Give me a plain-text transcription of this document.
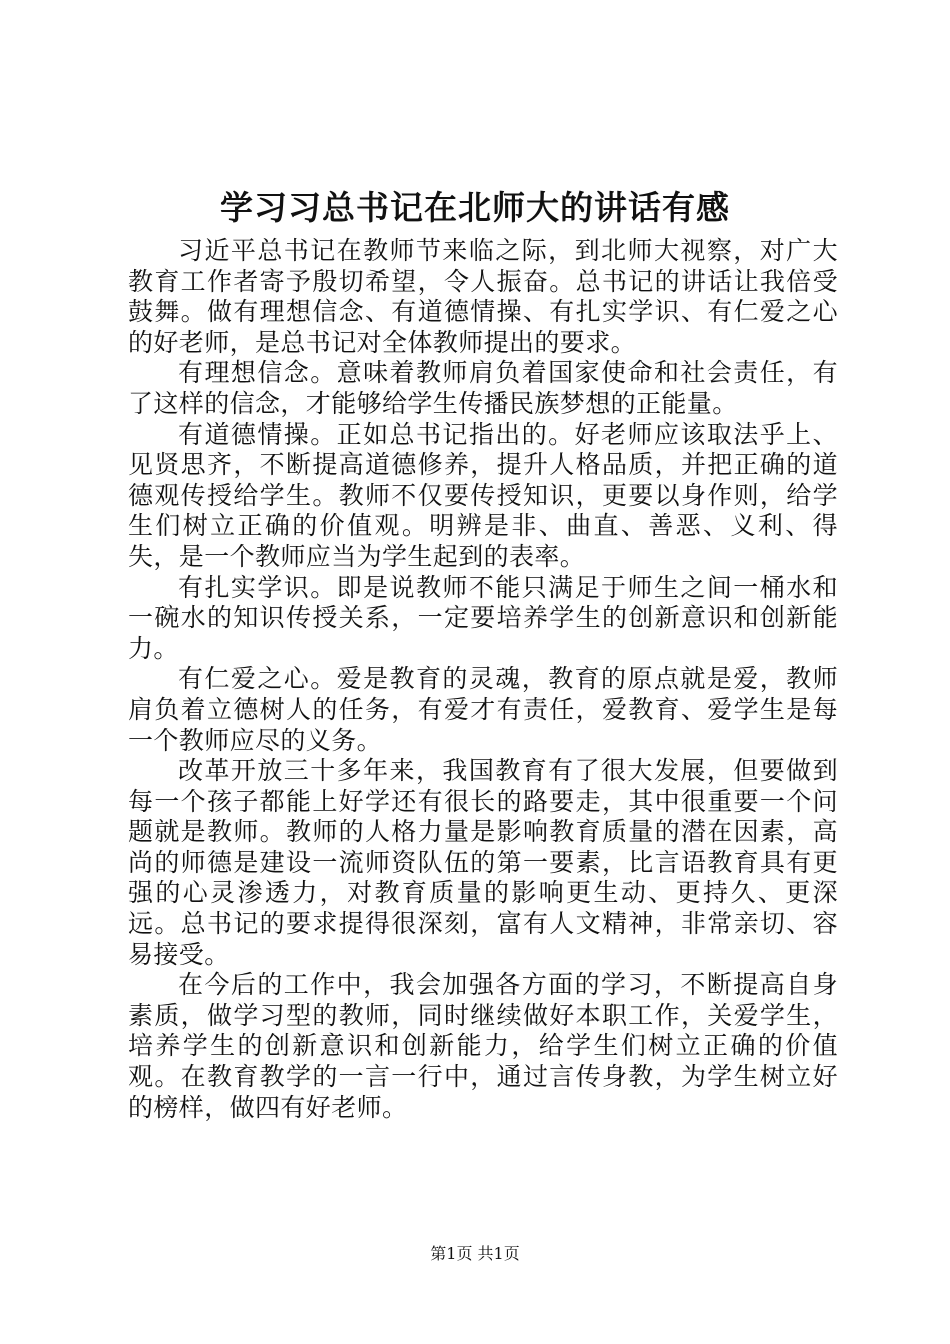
学习习总书记在北师大的讲话有感

习近平总书记在教师节来临之际，到北师大视察，对广大教育工作者寄予殷切希望，令人振奋。总书记的讲话让我倍受鼓舞。做有理想信念、有道德情操、有扎实学识、有仁爱之心的好老师，是总书记对全体教师提出的要求。

有理想信念。意味着教师肩负着国家使命和社会责任，有了这样的信念，才能够给学生传播民族梦想的正能量。

有道德情操。正如总书记指出的。好老师应该取法乎上、见贤思齐，不断提高道德修养，提升人格品质，并把正确的道德观传授给学生。教师不仅要传授知识，更要以身作则，给学生们树立正确的价值观。明辨是非、曲直、善恶、义利、得失，是一个教师应当为学生起到的表率。

有扎实学识。即是说教师不能只满足于师生之间一桶水和一碗水的知识传授关系，一定要培养学生的创新意识和创新能力。

有仁爱之心。爱是教育的灵魂，教育的原点就是爱，教师肩负着立德树人的任务，有爱才有责任，爱教育、爱学生是每一个教师应尽的义务。

改革开放三十多年来，我国教育有了很大发展，但要做到每一个孩子都能上好学还有很长的路要走，其中很重要一个问题就是教师。教师的人格力量是影响教育质量的潜在因素，高尚的师德是建设一流师资队伍的第一要素，比言语教育具有更强的心灵渗透力，对教育质量的影响更生动、更持久、更深远。总书记的要求提得很深刻，富有人文精神，非常亲切、容易接受。

在今后的工作中，我会加强各方面的学习，不断提高自身素质，做学习型的教师，同时继续做好本职工作，关爱学生，培养学生的创新意识和创新能力，给学生们树立正确的价值观。在教育教学的一言一行中，通过言传身教，为学生树立好的榜样，做四有好老师。

第1页 共1页
